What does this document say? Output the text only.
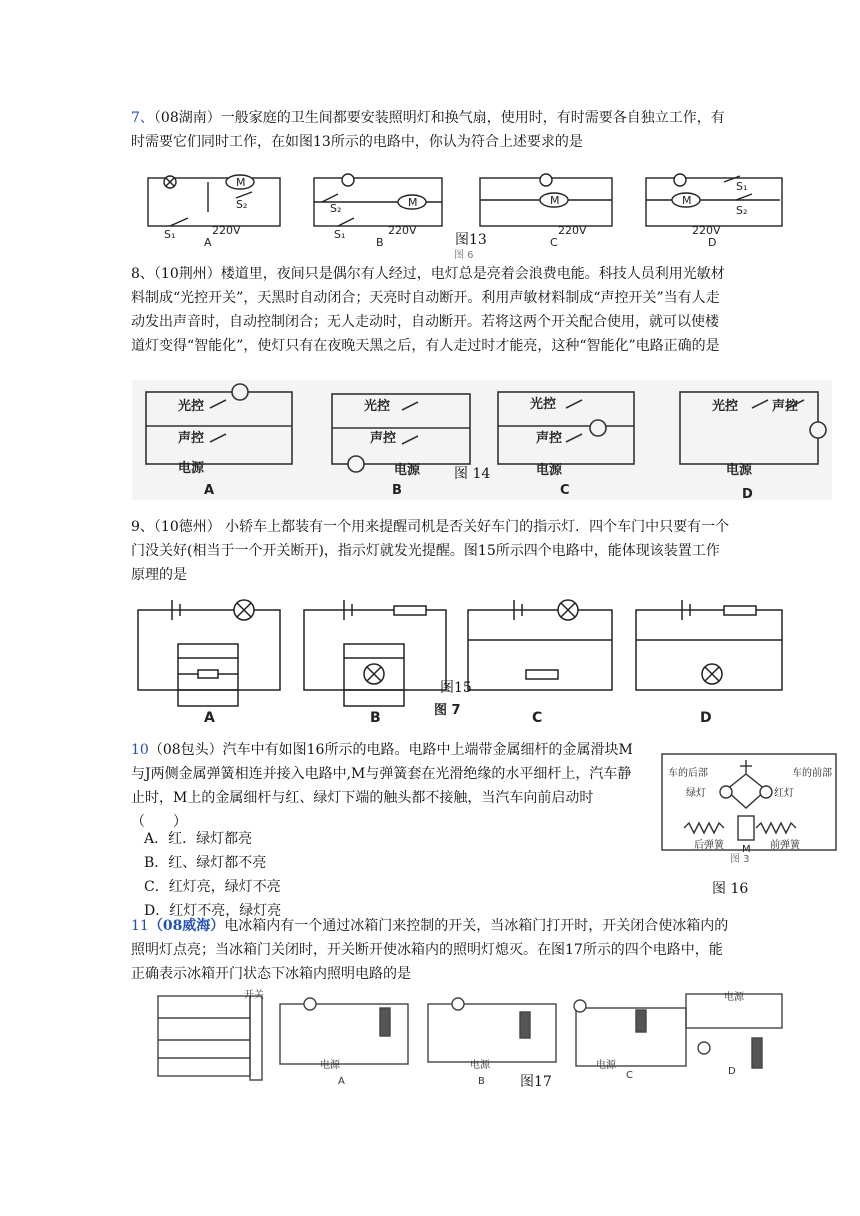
7、（08湖南）一般家庭的卫生间都要安装照明灯和换气扇，使用时，有时需要各自独立工作，有时需要它们同时工作，在如图13所示的电路中，你认为符合上述要求的是
M
M	M	M
S₂	S₂
S₁
S₂
S₁	S₁
220V	220V	220V	220V
A	B	C	D
图 6
图13
8、（10荆州）楼道里，夜间只是偶尔有人经过，电灯总是亮着会浪费电能。科技人员利用光敏材料制成“光控开关”，天黑时自动闭合；天亮时自动断开。利用声敏材料制成“声控开关”当有人走动发出声音时，自动控制闭合；无人走动时，自动断开。若将这两个开关配合使用，就可以使楼道灯变得“智能化”，使灯只有在夜晚天黑之后，有人走过时才能亮，这种“智能化”电路正确的是
光控
声控
电源
光控
声控
电源
光控
声控
电源
光控	声控
电源
A	B	C	D
图 14
9、（10德州） 小轿车上都装有一个用来提醒司机是否关好车门的指示灯．四个车门中只要有一个门没关好(相当于一个开关断开)，指示灯就发光提醒。图15所示四个电路中，能体现该装置工作原理的是
A	B	C	D
图 7
图15
10（08包头）汽车中有如图16所示的电路。电路中上端带金属细杆的金属滑块M与J两侧金属弹簧相连并接入电路中,M与弹簧套在光滑绝缘的水平细杆上，汽车静止时，M上的金属细杆与红、绿灯下端的触头都不接触，当汽车向前启动时　　（　　）
A．红．绿灯都亮
B．红、绿灯都不亮
C．红灯亮，绿灯不亮
D．红灯不亮，绿灯亮
车的后部	车的前部
绿灯	红灯
后弹簧	前弹簧
M
图 3
图 16
11（08威海）电冰箱内有一个通过冰箱门来控制的开关，当冰箱门打开时，开关闭合使冰箱内的照明灯点亮；当冰箱门关闭时，开关断开使冰箱内的照明灯熄灭。在图17所示的四个电路中，能正确表示冰箱开门状态下冰箱内照明电路的是
开关
电源	电源	电源
电源
A	B
C	D
图17
